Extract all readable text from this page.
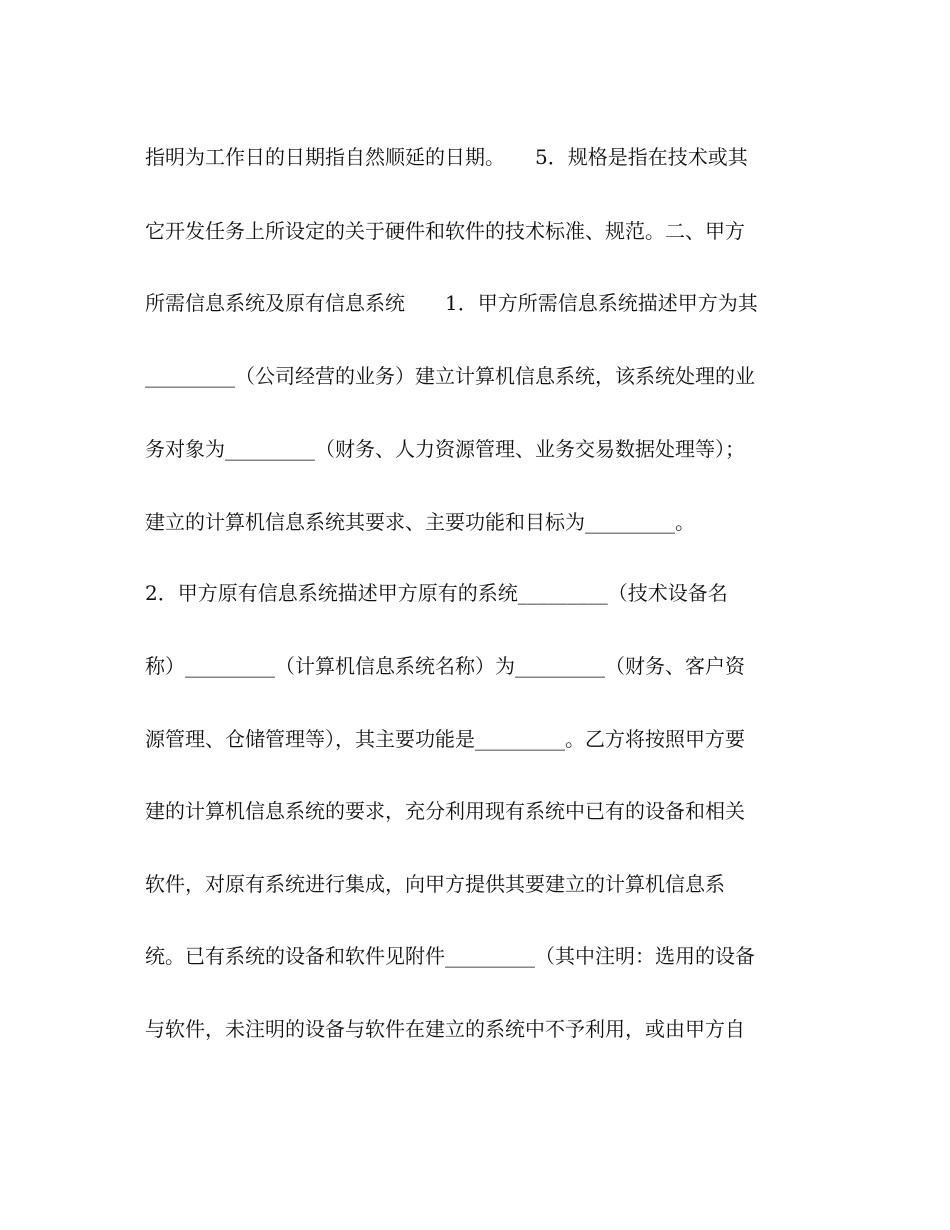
指明为工作日的日期指自然顺延的日期。　　5．规格是指在技术或其
它开发任务上所设定的关于硬件和软件的技术标准、规范。二、甲方
所需信息系统及原有信息系统　　1．甲方所需信息系统描述甲方为其
_________（公司经营的业务）建立计算机信息系统，该系统处理的业
务对象为_________（财务、人力资源管理、业务交易数据处理等）；
建立的计算机信息系统其要求、主要功能和目标为_________。
2．甲方原有信息系统描述甲方原有的系统_________（技术设备名
称）_________（计算机信息系统名称）为_________（财务、客户资
源管理、仓储管理等），其主要功能是_________。乙方将按照甲方要
建的计算机信息系统的要求，充分利用现有系统中已有的设备和相关
软件，对原有系统进行集成，向甲方提供其要建立的计算机信息系
统。已有系统的设备和软件见附件_________（其中注明：选用的设备
与软件，未注明的设备与软件在建立的系统中不予利用，或由甲方自
